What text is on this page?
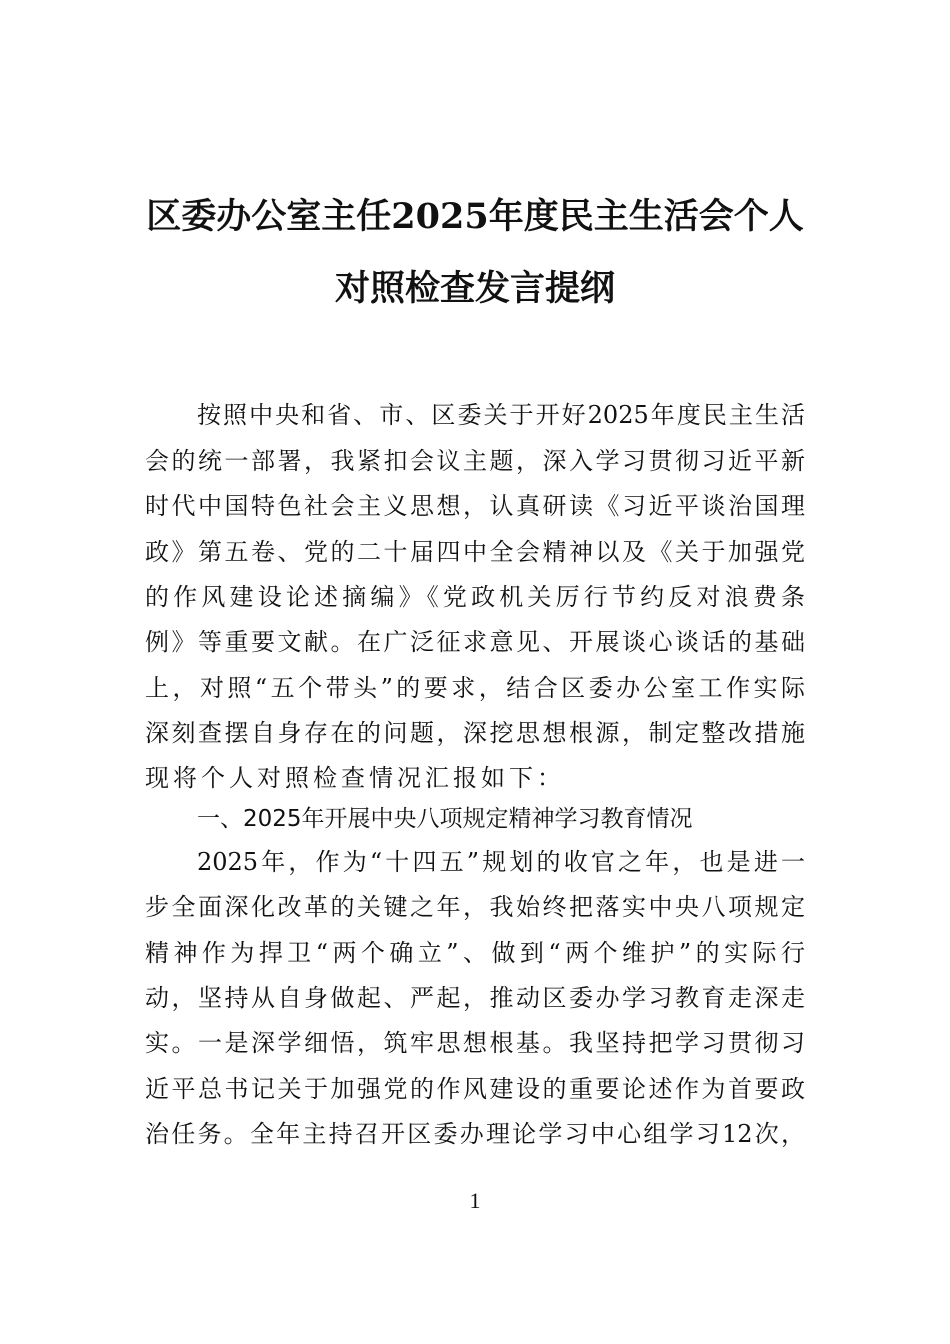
区委办公室主任2025年度民主生活会个人
对照检查发言提纲
按照中央和省、市、区委关于开好2025年度民主生活
会的统一部署，我紧扣会议主题，深入学习贯彻习近平新
时代中国特色社会主义思想，认真研读《习近平谈治国理
政》第五卷、党的二十届四中全会精神以及《关于加强党
的作风建设论述摘编》《党政机关厉行节约反对浪费条
例》等重要文献。在广泛征求意见、开展谈心谈话的基础
上，对照“五个带头”的要求，结合区委办公室工作实际
深刻查摆自身存在的问题，深挖思想根源，制定整改措施
现将个人对照检查情况汇报如下：
一、2025年开展中央八项规定精神学习教育情况
2025年，作为“十四五”规划的收官之年，也是进一
步全面深化改革的关键之年，我始终把落实中央八项规定
精神作为捍卫“两个确立”、做到“两个维护”的实际行
动，坚持从自身做起、严起，推动区委办学习教育走深走
实。一是深学细悟，筑牢思想根基。我坚持把学习贯彻习
近平总书记关于加强党的作风建设的重要论述作为首要政
治任务。全年主持召开区委办理论学习中心组学习12次，
1
